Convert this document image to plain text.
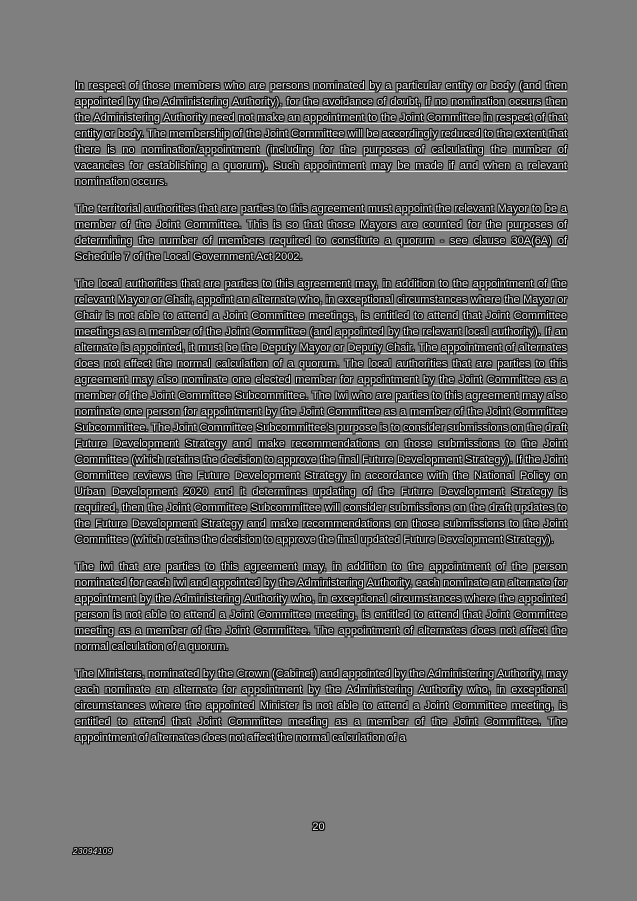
In respect of those members who are persons nominated by a particular entity or body (and then appointed by the Administering Authority), for the avoidance of doubt, if no nomination occurs then the Administering Authority need not make an appointment to the Joint Committee in respect of that entity or body. The membership of the Joint Committee will be accordingly reduced to the extent that there is no nomination/appointment (including for the purposes of calculating the number of vacancies for establishing a quorum). Such appointment may be made if and when a relevant nomination occurs.

The territorial authorities that are parties to this agreement must appoint the relevant Mayor to be a member of the Joint Committee. This is so that those Mayors are counted for the purposes of determining the number of members required to constitute a quorum - see clause 30A(6A) of Schedule 7 of the Local Government Act 2002.

The local authorities that are parties to this agreement may, in addition to the appointment of the relevant Mayor or Chair, appoint an alternate who, in exceptional circumstances where the Mayor or Chair is not able to attend a Joint Committee meetings, is entitled to attend that Joint Committee meetings as a member of the Joint Committee (and appointed by the relevant local authority). If an alternate is appointed, it must be the Deputy Mayor or Deputy Chair. The appointment of alternates does not affect the normal calculation of a quorum. The local authorities that are parties to this agreement may also nominate one elected member for appointment by the Joint Committee as a member of the Joint Committee Subcommittee. The Iwi who are parties to this agreement may also nominate one person for appointment by the Joint Committee as a member of the Joint Committee Subcommittee. The Joint Committee Subcommittee's purpose is to consider submissions on the draft Future Development Strategy and make recommendations on those submissions to the Joint Committee (which retains the decision to approve the final Future Development Strategy). If the Joint Committee reviews the Future Development Strategy in accordance with the National Policy on Urban Development 2020 and it determines updating of the Future Development Strategy is required, then the Joint Committee Subcommittee will consider submissions on the draft updates to the Future Development Strategy and make recommendations on those submissions to the Joint Committee (which retains the decision to approve the final updated Future Development Strategy).

The iwi that are parties to this agreement may, in addition to the appointment of the person nominated for each iwi and appointed by the Administering Authority, each nominate an alternate for appointment by the Administering Authority who, in exceptional circumstances where the appointed person is not able to attend a Joint Committee meeting, is entitled to attend that Joint Committee meeting as a member of the Joint Committee. The appointment of alternates does not affect the normal calculation of a quorum.

The Ministers, nominated by the Crown (Cabinet) and appointed by the Administering Authority, may each nominate an alternate for appointment by the Administering Authority who, in exceptional circumstances where the appointed Minister is not able to attend a Joint Committee meeting, is entitled to attend that Joint Committee meeting as a member of the Joint Committee. The appointment of alternates does not affect the normal calculation of a

20
23094109
